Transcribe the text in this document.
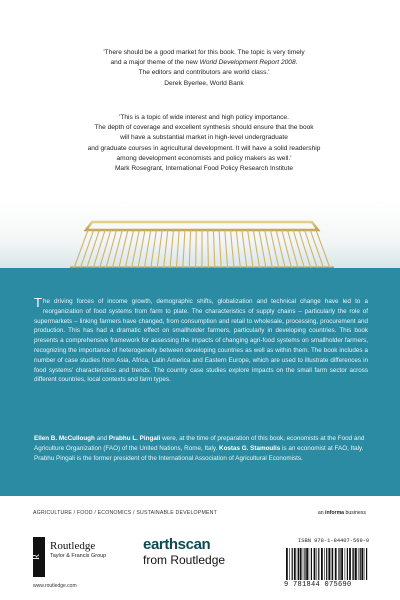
'There should be a good market for this book. The topic is very timely
and a major theme of the new World Development Report 2008.
The editors and contributors are world class.'
Derek Byerlee, World Bank
'This is a topic of wide interest and high policy importance.
The depth of coverage and excellent synthesis should ensure that the book
will have a substantial market in high-level undergraduate
and graduate courses in agricultural development. It will have a solid readership
among development economists and policy makers as well.'
Mark Rosegrant, International Food Policy Research Institute
The driving forces of income growth, demographic shifts, globalization and technical change have led to a reorganization of food systems from farm to plate. The characteristics of supply chains – particularly the role of supermarkets – linking farmers have changed, from consumption and retail to wholesale, processing, procurement and production. This has had a dramatic effect on smallholder farmers, particularly in developing countries. This book presents a comprehensive framework for assessing the impacts of changing agri-food systems on smallholder farmers, recognizing the importance of heterogeneity between developing countries as well as within them. The book includes a number of case studies from Asia, Africa, Latin America and Eastern Europe, which are used to illustrate differences in food systems' characteristics and trends. The country case studies explore impacts on the small farm sector across different countries, local contexts and farm types.
Ellen B. McCullough and Prabhu L. Pingali were, at the time of preparation of this book, economists at the Food and Agriculture Organization (FAO) of the United Nations, Rome, Italy. Kostas G. Stamoulis is an economist at FAO, Italy. Prabhu Pingali is the former president of the International Association of Agricultural Economists.
AGRICULTURE / FOOD / ECONOMICS / SUSTAINABLE DEVELOPMENT	an informa business
R
Routledge
Taylor & Francis Group
www.routledge.com
earthscan
from Routledge
ISBN 978-1-84407-569-0
9 781844 075690
